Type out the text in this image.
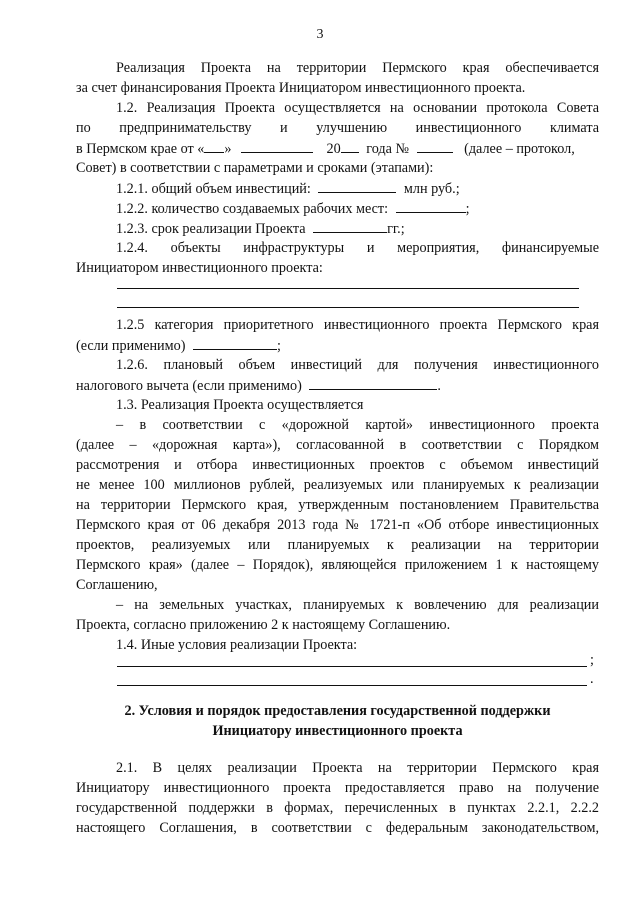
3
Реализация Проекта на территории Пермского края обеспечивается
за счет финансирования Проекта Инициатором инвестиционного проекта.
1.2. Реализация Проекта осуществляется на основании протокола Совета
по предпринимательству и улучшению инвестиционного климата
в Пермском крае от « »	20 года №	(далее – протокол,
Совет) в соответствии с параметрами и сроками (этапами):
1.2.1. общий объем инвестиций:	млн руб.;
1.2.2. количество создаваемых рабочих мест:	;
1.2.3. срок реализации Проекта	гг.;
1.2.4. объекты инфраструктуры и мероприятия, финансируемые
Инициатором инвестиционного проекта:
1.2.5 категория приоритетного инвестиционного проекта Пермского края
(если применимо)	;
1.2.6. плановый объем инвестиций для получения инвестиционного
налогового вычета (если применимо)	.
1.3. Реализация Проекта осуществляется
– в соответствии с «дорожной картой» инвестиционного проекта
(далее – «дорожная карта»), согласованной в соответствии с Порядком
рассмотрения и отбора инвестиционных проектов с объемом инвестиций
не менее 100 миллионов рублей, реализуемых или планируемых к реализации
на территории Пермского края, утвержденным постановлением Правительства
Пермского края от 06 декабря 2013 года № 1721-п «Об отборе инвестиционных
проектов, реализуемых или планируемых к реализации на территории
Пермского края» (далее – Порядок), являющейся приложением 1 к настоящему
Соглашению,
– на земельных участках, планируемых к вовлечению для реализации
Проекта, согласно приложению 2 к настоящему Соглашению.
1.4. Иные условия реализации Проекта:
;
.
2. Условия и порядок предоставления государственной поддержки
Инициатору инвестиционного проекта
2.1. В целях реализации Проекта на территории Пермского края
Инициатору инвестиционного проекта предоставляется право на получение
государственной поддержки в формах, перечисленных в пунктах 2.2.1, 2.2.2
настоящего Соглашения, в соответствии с федеральным законодательством,
